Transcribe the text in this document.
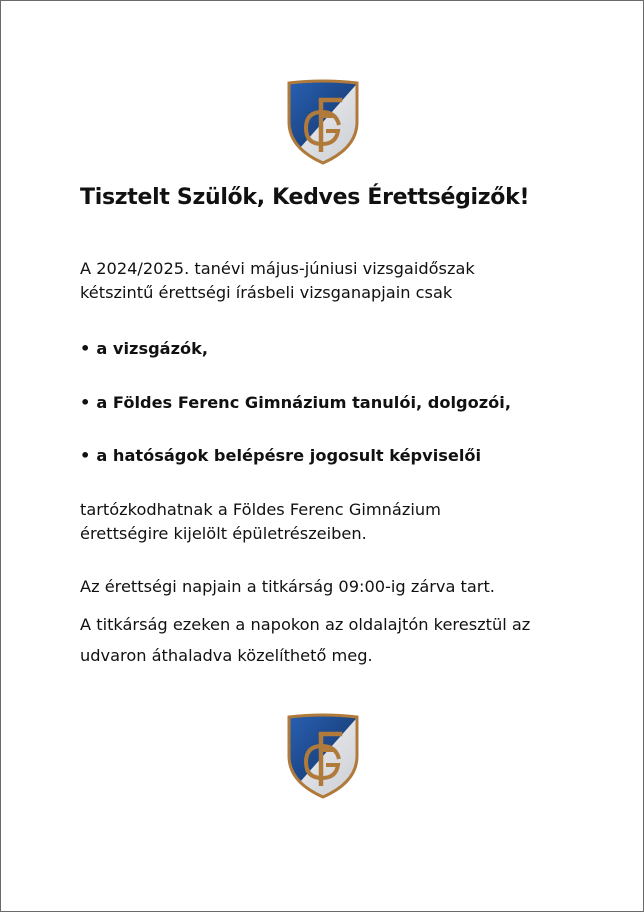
Tisztelt Szülők, Kedves Érettségizők!

A 2024/2025. tanévi május-júniusi vizsgaidőszak

kétszintű érettségi írásbeli vizsganapjain csak

• a vizsgázók,

• a Földes Ferenc Gimnázium tanulói, dolgozói,

• a hatóságok belépésre jogosult képviselői

tartózkodhatnak a Földes Ferenc Gimnázium

érettségire kijelölt épületrészeiben.

Az érettségi napjain a titkárság 09:00-ig zárva tart.

A titkárság ezeken a napokon az oldalajtón keresztül az

udvaron áthaladva közelíthető meg.
